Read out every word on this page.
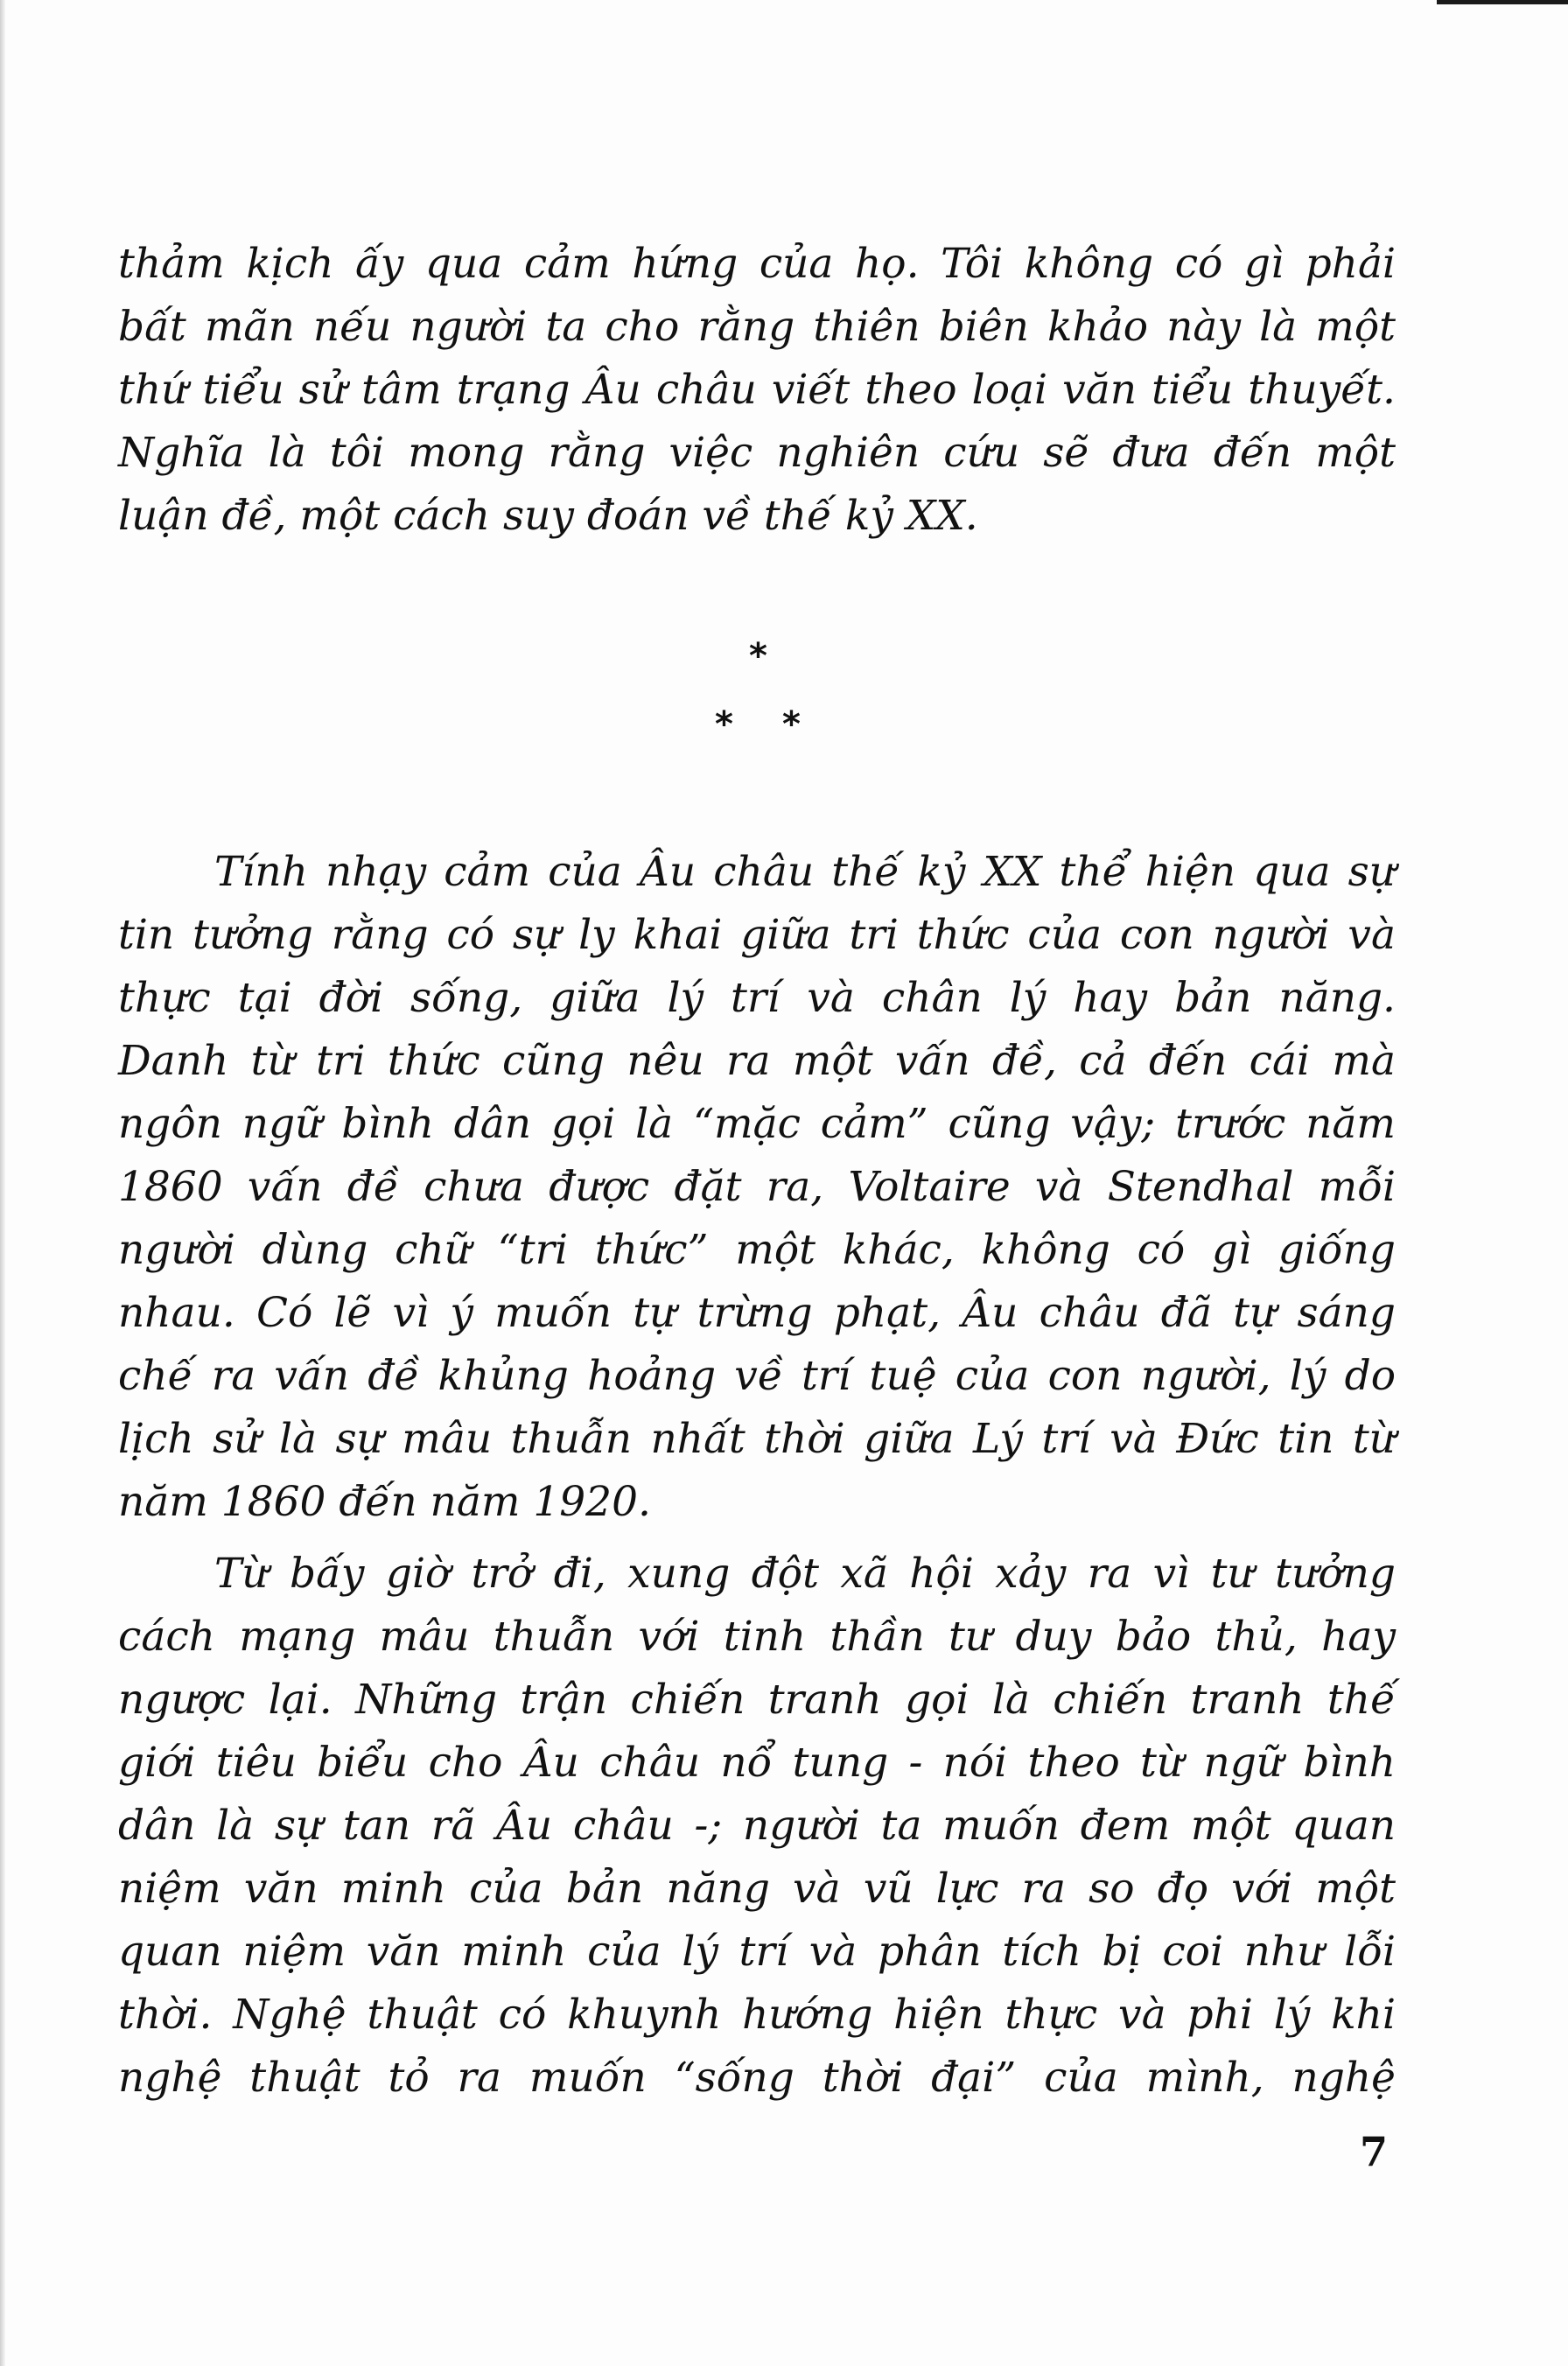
thảm kịch ấy qua cảm hứng của họ. Tôi không có gì phải
bất mãn nếu người ta cho rằng thiên biên khảo này là một
thứ tiểu sử tâm trạng Âu châu viết theo loại văn tiểu thuyết.
Nghĩa là tôi mong rằng việc nghiên cứu sẽ đưa đến một
luận đề, một cách suy đoán về thế kỷ XX.
*
* *
Tính nhạy cảm của Âu châu thế kỷ XX thể hiện qua sự
tin tưởng rằng có sự ly khai giữa tri thức của con người và
thực tại đời sống, giữa lý trí và chân lý hay bản năng.
Danh từ tri thức cũng nêu ra một vấn đề, cả đến cái mà
ngôn ngữ bình dân gọi là “mặc cảm” cũng vậy; trước năm
1860 vấn đề chưa được đặt ra, Voltaire và Stendhal mỗi
người dùng chữ “tri thức” một khác, không có gì giống
nhau. Có lẽ vì ý muốn tự trừng phạt, Âu châu đã tự sáng
chế ra vấn đề khủng hoảng về trí tuệ của con người, lý do
lịch sử là sự mâu thuẫn nhất thời giữa Lý trí và Đức tin từ
năm 1860 đến năm 1920.
Từ bấy giờ trở đi, xung đột xã hội xảy ra vì tư tưởng
cách mạng mâu thuẫn với tinh thần tư duy bảo thủ, hay
ngược lại. Những trận chiến tranh gọi là chiến tranh thế
giới tiêu biểu cho Âu châu nổ tung - nói theo từ ngữ bình
dân là sự tan rã Âu châu -; người ta muốn đem một quan
niệm văn minh của bản năng và vũ lực ra so đọ với một
quan niệm văn minh của lý trí và phân tích bị coi như lỗi
thời. Nghệ thuật có khuynh hướng hiện thực và phi lý khi
nghệ thuật tỏ ra muốn “sống thời đại” của mình, nghệ
7
